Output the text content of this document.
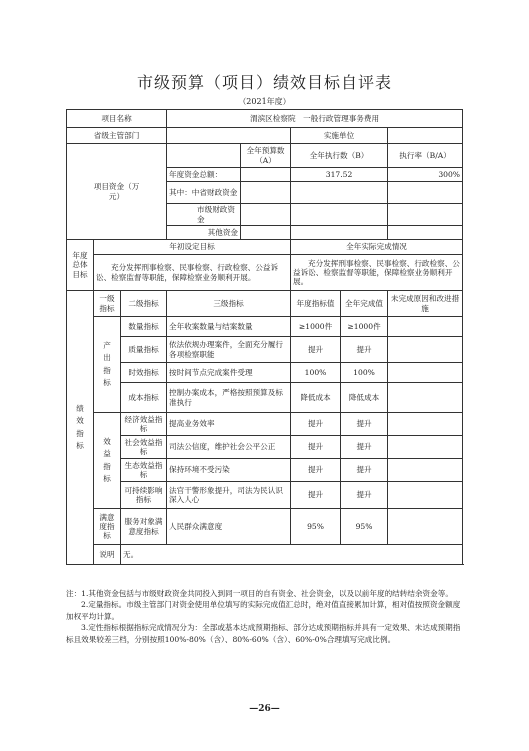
市级预算（项目）绩效目标自评表
（2021年度）
项目名称			渭滨区检察院　一般行政管理事务费用				
省级主管部门					实施单位		
项目资金（万元）				全年预算数（A）	全年执行数（B）		执行率（B/A）
			年度资金总额：		317.52		300%
			其中：中省财政资金				
			市级财政资金				
			其他资金				
年度总体目标	年初设定目标				全年实际完成情况		
	充分发挥刑事检察、民事检察、行政检察、公益诉讼、检察监督等职能，保障检察业务顺利开展。				充分发挥刑事检察、民事检察、行政检察、公益诉讼、检察监督等职能，保障检察业务顺利开展。		
绩效指标	一级指标	二级指标	三级指标		年度指标值	全年完成值	未完成原因和改进措施
	产出指标	数量指标	全年收案数量与结案数量		≥1000件	≥1000件	
		质量指标	依法依规办理案件，全面充分履行各项检察职能		提升	提升	
		时效指标	按时间节点完成案件受理		100%	100%	
		成本指标	控制办案成本，严格按照预算及标准执行		降低成本	降低成本	
	效益指标	经济效益指标	提高业务效率		提升	提升	
		社会效益指标	司法公信度，维护社会公平公正		提升	提升	
		生态效益指标	保持环境不受污染		提升	提升	
		可持续影响指标	法官干警形象提升，司法为民认识深入人心		提升	提升	
	满意度指标	服务对象满意度指标	人民群众满意度		95%	95%	
	说明	无。					

注：1.其他资金包括与市级财政资金共同投入到同一项目的自有资金、社会资金，以及以前年度的结转结余资金等。

2.定量指标。市级主管部门对资金使用单位填写的实际完成值汇总时，绝对值直接累加计算，相对值按照资金额度加权平均计算。

3.定性指标根据指标完成情况分为：全部或基本达成预期指标、部分达成预期指标并具有一定效果、未达成预期指标且效果较差三档，分别按照100%-80%（含）、80%-60%（含）、60%-0%合理填写完成比例。

—26—
